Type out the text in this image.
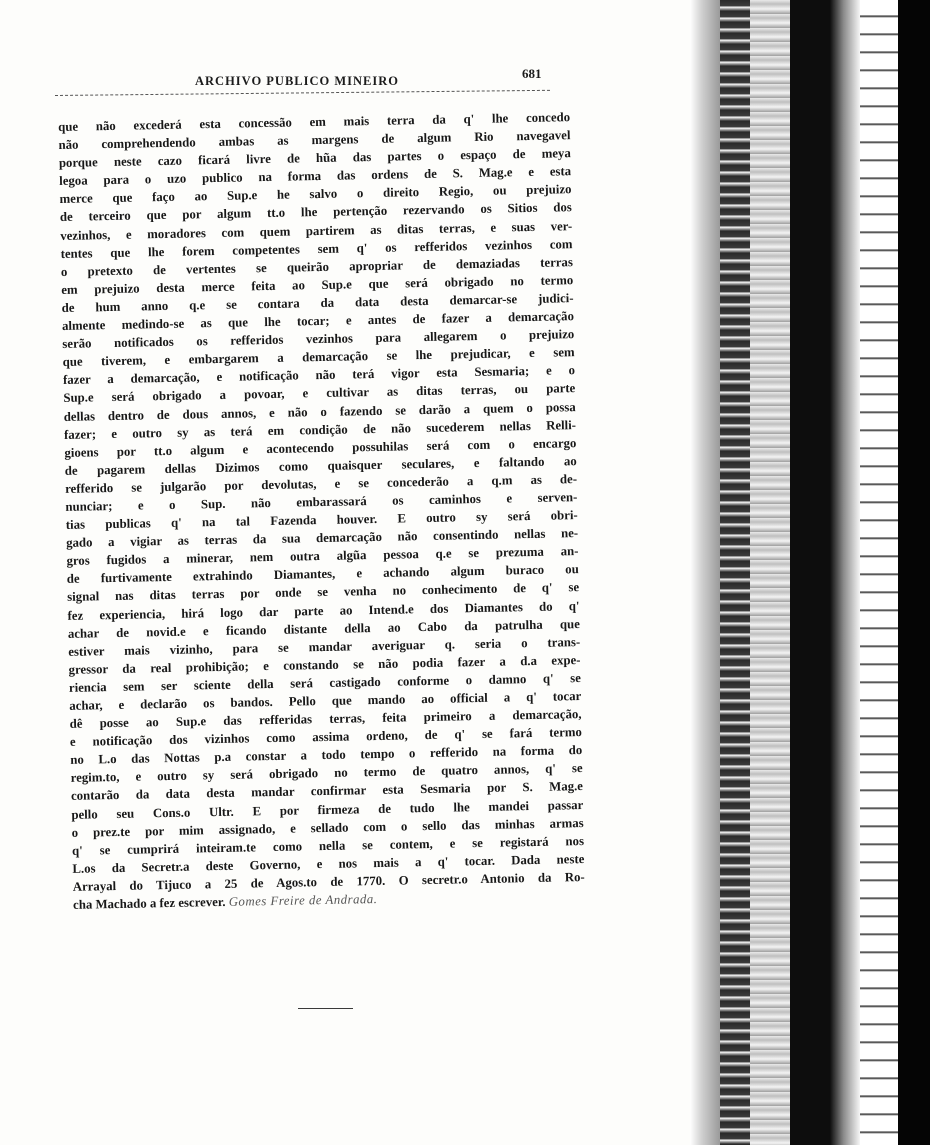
ARCHIVO PUBLICO MINEIRO	681
que não excederá esta concessão em mais terra da q' lhe concedo
não comprehendendo ambas as margens de algum Rio navegavel
porque neste cazo ficará livre de hũa das partes o espaço de meya
legoa para o uzo publico na forma das ordens de S. Mag.e e esta
merce que faço ao Sup.e he salvo o direito Regio, ou prejuizo
de terceiro que por algum tt.o lhe pertenção rezervando os Sitios dos
vezinhos, e moradores com quem partirem as ditas terras, e suas ver-
tentes que lhe forem competentes sem q' os refferidos vezinhos com
o pretexto de vertentes se queirão apropriar de demaziadas terras
em prejuizo desta merce feita ao Sup.e que será obrigado no termo
de hum anno q.e se contara da data desta demarcar-se judici-
almente medindo-se as que lhe tocar; e antes de fazer a demarcação
serão notificados os refferidos vezinhos para allegarem o prejuizo
que tiverem, e embargarem a demarcação se lhe prejudicar, e sem
fazer a demarcação, e notificação não terá vigor esta Sesmaria; e o
Sup.e será obrigado a povoar, e cultivar as ditas terras, ou parte
dellas dentro de dous annos, e não o fazendo se darão a quem o possa
fazer; e outro sy as terá em condição de não sucederem nellas Relli-
gioens por tt.o algum e acontecendo possuhilas será com o encargo
de pagarem dellas Dizimos como quaisquer seculares, e faltando ao
refferido se julgarão por devolutas, e se concederão a q.m as de-
nunciar; e o Sup. não embarassará os caminhos e serven-
tias publicas q' na tal Fazenda houver. E outro sy será obri-
gado a vigiar as terras da sua demarcação não consentindo nellas ne-
gros fugidos a minerar, nem outra algũa pessoa q.e se prezuma an-
de furtivamente extrahindo Diamantes, e achando algum buraco ou
signal nas ditas terras por onde se venha no conhecimento de q' se
fez experiencia, hirá logo dar parte ao Intend.e dos Diamantes do q'
achar de novid.e e ficando distante della ao Cabo da patrulha que
estiver mais vizinho, para se mandar averiguar q. seria o trans-
gressor da real prohibição; e constando se não podia fazer a d.a expe-
riencia sem ser sciente della será castigado conforme o damno q' se
achar, e declarão os bandos. Pello que mando ao official a q' tocar
dê posse ao Sup.e das refferidas terras, feita primeiro a demarcação,
e notificação dos vizinhos como assima ordeno, de q' se fará termo
no L.o das Nottas p.a constar a todo tempo o refferido na forma do
regim.to, e outro sy será obrigado no termo de quatro annos, q' se
contarão da data desta mandar confirmar esta Sesmaria por S. Mag.e
pello seu Cons.o Ultr. E por firmeza de tudo lhe mandei passar
o prez.te por mim assignado, e sellado com o sello das minhas armas
q' se cumprirá inteiram.te como nella se contem, e se registará nos
L.os da Secretr.a deste Governo, e nos mais a q' tocar. Dada neste
Arrayal do Tijuco a 25 de Agos.to de 1770. O secretr.o Antonio da Ro-
cha Machado a fez escrever. Gomes Freire de Andrada.
